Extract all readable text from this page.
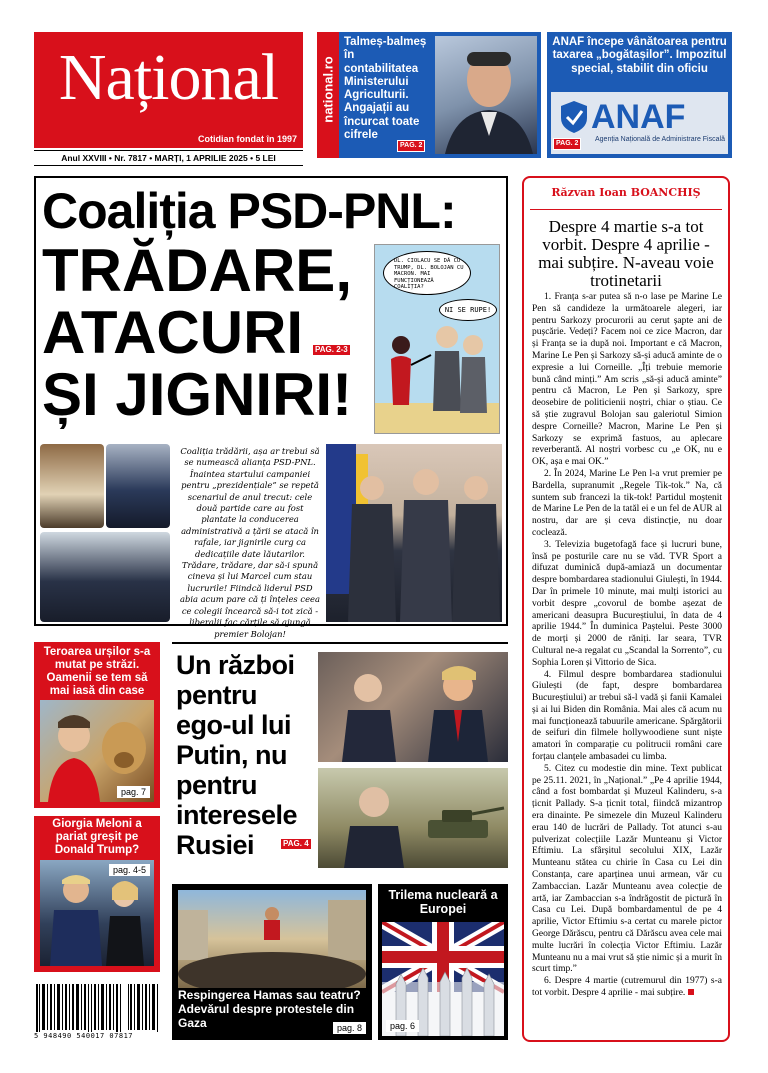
Național
Cotidian fondat în 1997
Anul XXVIII • Nr. 7817 • MARȚI, 1 APRILIE 2025 • 5 LEI
national.ro
Talmeș-balmeș în contabilitatea Ministerului Agriculturii. Angajații au încurcat toate cifrele
PAG. 2
ANAF începe vânătoarea pentru taxarea „bogătașilor”. Impozitul special, stabilit din oficiu
ANAF
Agenția Națională de Administrare Fiscală
PAG. 2
Coaliția PSD-PNL:
TRĂDARE,
ATACURI
ȘI JIGNIRI!
PAG. 2-3
DL. CIOLACU SE DĂ CU TRUMP, DL. BOLOJAN CU MACRON. MAI FUNCȚIONEAZĂ COALIȚIA?
NI SE RUPE!
Coaliția trădării, așa ar trebui să se numească alianța PSD-PNL. Înaintea startului campaniei pentru „prezidențiale” se repetă scenariul de anul trecut: cele două partide care au fost plantate la conducerea administrativă a țării se atacă în rafale, iar jignirile curg ca dedicațiile date lăutarilor. Trădare, trădare, dar să-i spună cineva și lui Marcel cum stau lucrurile! Fiindcă liderul PSD abia acum pare că ți înțeles ceea ce colegii încearcă să-i tot zică - liberalii fac cărțile să ajungă premier Bolojan!
Răzvan Ioan BOANCHIȘ
Despre 4 martie s-a tot vorbit. Despre 4 aprilie - mai subțire. N-aveau voie trotinetarii

1. Franța s-ar putea să n-o lase pe Marine Le Pen să candideze la următoarele alegeri, iar pentru Sarkozy procurorii au cerut șapte ani de pușcărie. Vedeți? Facem noi ce zice Macron, dar și Franța se ia după noi. Important e că Macron, Marine Le Pen și Sarkozy să-și aducă aminte de o expresie a lui Corneille. „Îți trebuie memorie bună când minți.” Am scris „să-și aducă aminte” pentru că Macron, Le Pen și Sarkozy, spre deosebire de politicienii noștri, chiar o știau. Ce să știe zugravul Bolojan sau galeriotul Simion despre Corneille? Macron, Marine Le Pen și Sarkozy se exprimă fastuos, au aplecare reverberantă. Al noștri vorbesc cu „e OK, nu e OK, așa e mai OK.”

2. În 2024, Marine Le Pen l-a vrut premier pe Bardella, supranumit „Regele Tik-tok.” Na, că suntem sub francezi la tik-tok! Partidul moștenit de Marine Le Pen de la tatăl ei e un fel de AUR al nostru, dar are și ceva distincție, nu doar coclează.

3. Televizia bugetofagă face și lucruri bune, însă pe posturile care nu se văd. TVR Sport a difuzat duminică după-amiază un documentar despre bombardarea stadionului Giulești, în 1944. Dar în primele 10 minute, mai mulți istorici au vorbit despre „covorul de bombe așezat de americani deasupra Bucureștiului, în data de 4 aprilie 1944.” În duminica Paștelui. Peste 3000 de morți și 2000 de răniți. Iar seara, TVR Cultural ne-a regalat cu „Scandal la Sorrento”, cu Sophia Loren și Vittorio de Sica.

4. Filmul despre bombardarea stadionului Giulești (de fapt, despre bombardarea Bucureștiului) ar trebui să-l vadă și fanii Kamalei și ai lui Biden din România. Mai ales că acum nu mai funcționează tabuurile americane. Spărgătorii de seifuri din filmele hollywoodiene sunt niște amatori în comparație cu politrucii români care forțau clanțele ambasadei cu limba.

5. Citez cu modestie din mine. Text publicat pe 25.11. 2021, în „Național.” „Pe 4 aprilie 1944, când a fost bombardat și Muzeul Kalinderu, s-a țicnit Pallady. S-a țicnit total, fiindcă mizantrop era dinainte. Pe simezele din Muzeul Kalinderu erau 140 de lucrări de Pallady. Tot atunci s-au pulverizat colecțiile Lazăr Munteanu și Victor Eftimiu. La sfârșitul secolului XIX, Lazăr Munteanu stătea cu chirie în Casa cu Lei din Constanța, care aparținea unui armean, văr cu Zambaccian. Lazăr Munteanu avea colecție de artă, iar Zambaccian s-a îndrăgostit de pictură în Casa cu Lei. După bombardamentul de pe 4 aprilie, Victor Eftimiu s-a certat cu marele pictor George Dărăscu, pentru că Dărăscu avea cele mai multe lucrări în colecția Victor Eftimiu. Lazăr Munteanu nu a mai vrut să știe nimic și a murit în scurt timp.”

6. Despre 4 martie (cutremurul din 1977) s-a tot vorbit. Despre 4 aprilie - mai subțire.

Teroarea urșilor s-a mutat pe străzi. Oamenii se tem să mai iasă din case
pag. 7
Giorgia Meloni a pariat greșit pe Donald Trump?
pag. 4-5
Un război pentru ego-ul lui Putin, nu pentru interesele Rusiei	PAG. 4
Respingerea Hamas sau teatru? Adevărul despre protestele din Gaza	pag. 8
Trilema nucleară a Europei
pag. 6
5 948490 540017 07817
